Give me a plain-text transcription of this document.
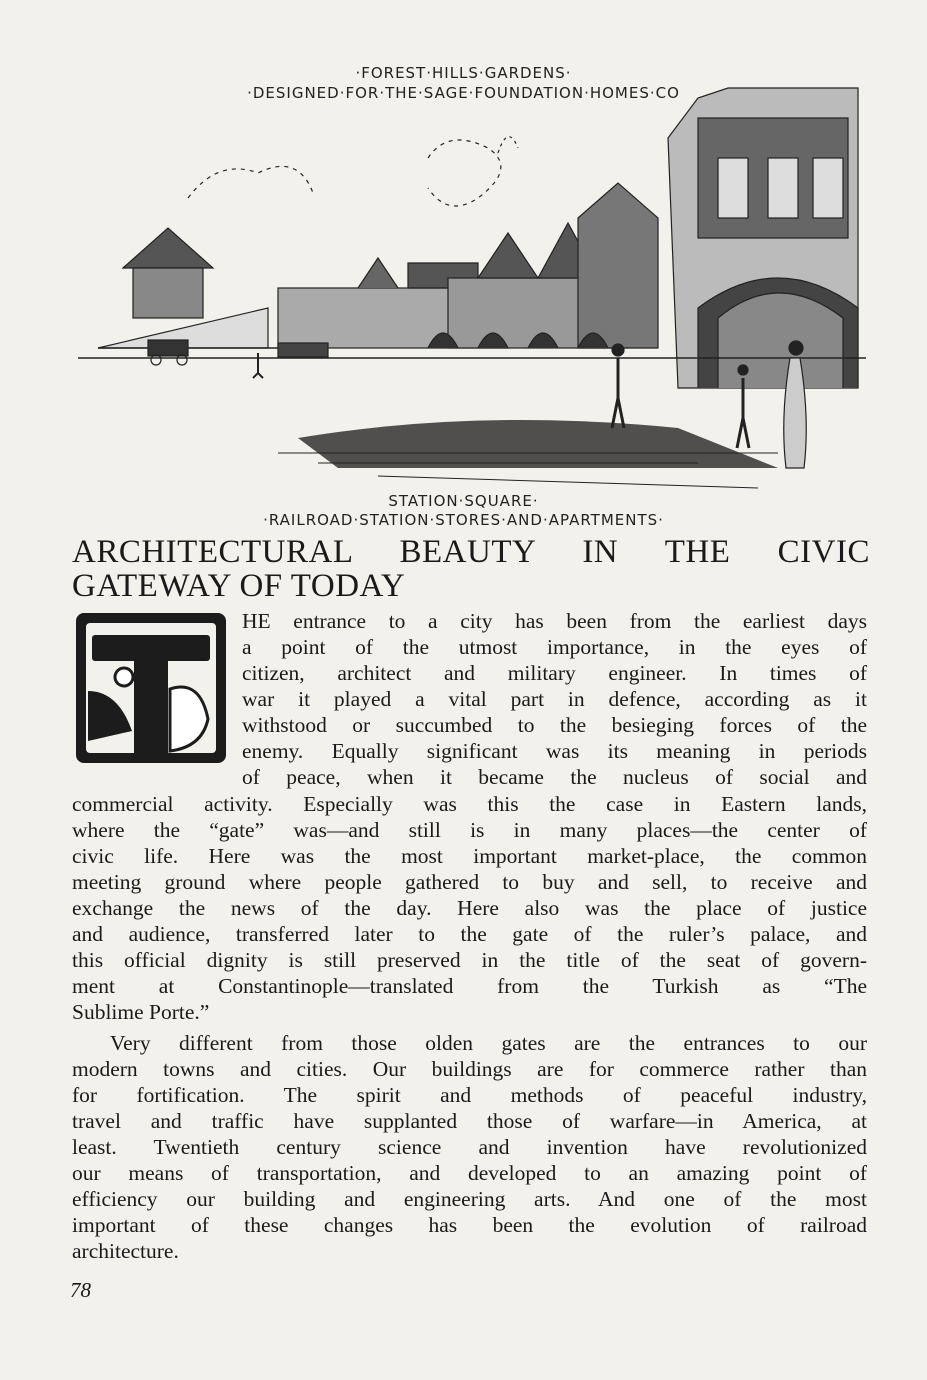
·FOREST·HILLS·GARDENS·
·DESIGNED·FOR·THE·SAGE·FOUNDATION·HOMES·CO
STATION·SQUARE·
·RAILROAD·STATION·STORES·AND·APARTMENTS·
ARCHITECTURAL BEAUTY IN THE CIVIC
GATEWAY OF TODAY
HE entrance to a city has been from the earliest days
a point of the utmost importance, in the eyes of
citizen, architect and military engineer. In times of
war it played a vital part in defence, according as it
withstood or succumbed to the besieging forces of the
enemy. Equally significant was its meaning in periods
of peace, when it became the nucleus of social and
commercial activity. Especially was this the case in Eastern lands,
where the “gate” was—and still is in many places—the center of
civic life. Here was the most important market-place, the common
meeting ground where people gathered to buy and sell, to receive and
exchange the news of the day. Here also was the place of justice
and audience, transferred later to the gate of the ruler’s palace, and
this official dignity is still preserved in the title of the seat of govern-
ment at Constantinople—translated from the Turkish as “The
Sublime Porte.”
Very different from those olden gates are the entrances to our
modern towns and cities. Our buildings are for commerce rather than
for fortification. The spirit and methods of peaceful industry,
travel and traffic have supplanted those of warfare—in America, at
least. Twentieth century science and invention have revolutionized
our means of transportation, and developed to an amazing point of
efficiency our building and engineering arts. And one of the most
important of these changes has been the evolution of railroad
architecture.
78
